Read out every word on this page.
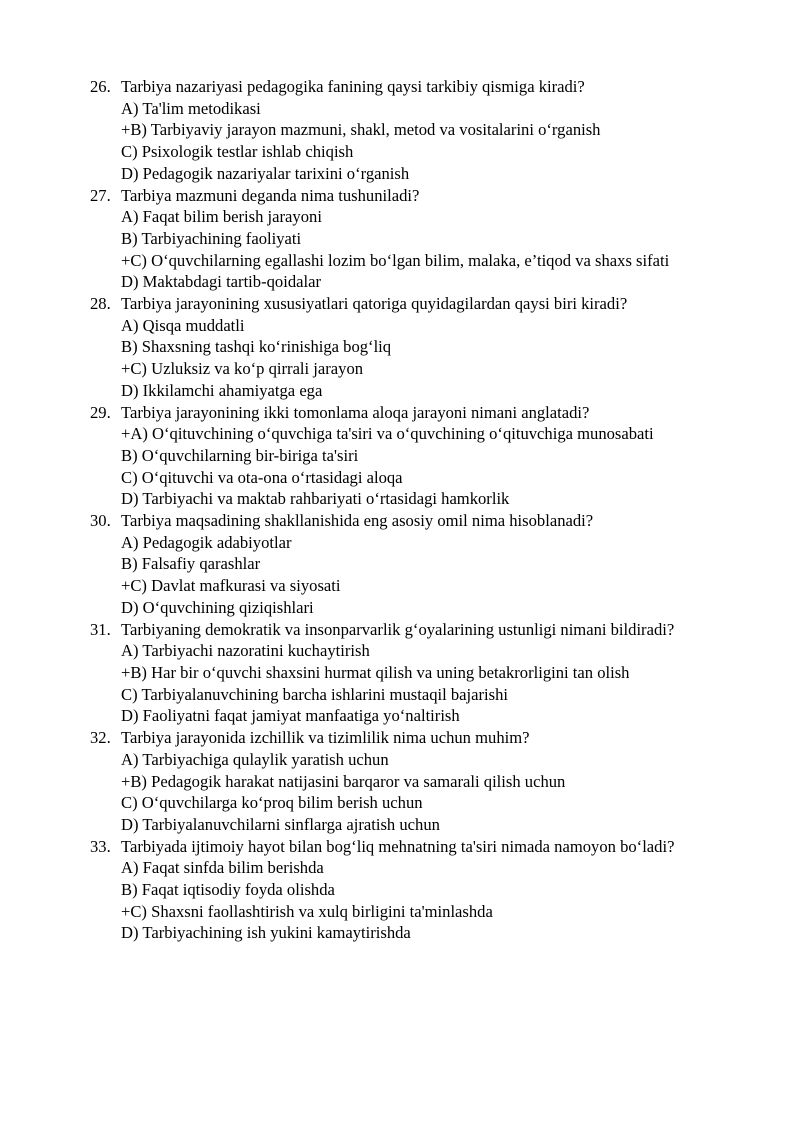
26. Tarbiya nazariyasi pedagogika fanining qaysi tarkibiy qismiga kiradi?
A) Ta'lim metodikasi
+B) Tarbiyaviy jarayon mazmuni, shakl, metod va vositalarini o‘rganish
C) Psixologik testlar ishlab chiqish
D) Pedagogik nazariyalar tarixini o‘rganish
27. Tarbiya mazmuni deganda nima tushuniladi?
A) Faqat bilim berish jarayoni
B) Tarbiyachining faoliyati
+C) O‘quvchilarning egallashi lozim bo‘lgan bilim, malaka, e’tiqod va shaxs sifati
D) Maktabdagi tartib-qoidalar
28. Tarbiya jarayonining xususiyatlari qatoriga quyidagilardan qaysi biri kiradi?
A) Qisqa muddatli
B) Shaxsning tashqi ko‘rinishiga bog‘liq
+C) Uzluksiz va ko‘p qirrali jarayon
D) Ikkilamchi ahamiyatga ega
29. Tarbiya jarayonining ikki tomonlama aloqa jarayoni nimani anglatadi?
+A) O‘qituvchining o‘quvchiga ta'siri va o‘quvchining o‘qituvchiga munosabati
B) O‘quvchilarning bir-biriga ta'siri
C) O‘qituvchi va ota-ona o‘rtasidagi aloqa
D) Tarbiyachi va maktab rahbariyati o‘rtasidagi hamkorlik
30. Tarbiya maqsadining shakllanishida eng asosiy omil nima hisoblanadi?
A) Pedagogik adabiyotlar
B) Falsafiy qarashlar
+C) Davlat mafkurasi va siyosati
D) O‘quvchining qiziqishlari
31. Tarbiyaning demokratik va insonparvarlik g‘oyalarining ustunligi nimani bildiradi?
A) Tarbiyachi nazoratini kuchaytirish
+B) Har bir o‘quvchi shaxsini hurmat qilish va uning betakrorligini tan olish
C) Tarbiyalanuvchining barcha ishlarini mustaqil bajarishi
D) Faoliyatni faqat jamiyat manfaatiga yo‘naltirish
32. Tarbiya jarayonida izchillik va tizimlilik nima uchun muhim?
A) Tarbiyachiga qulaylik yaratish uchun
+B) Pedagogik harakat natijasini barqaror va samarali qilish uchun
C) O‘quvchilarga ko‘proq bilim berish uchun
D) Tarbiyalanuvchilarni sinflarga ajratish uchun
33. Tarbiyada ijtimoiy hayot bilan bog‘liq mehnatning ta'siri nimada namoyon bo‘ladi?
A) Faqat sinfda bilim berishda
B) Faqat iqtisodiy foyda olishda
+C) Shaxsni faollashtirish va xulq birligini ta'minlashda
D) Tarbiyachining ish yukini kamaytirishda
